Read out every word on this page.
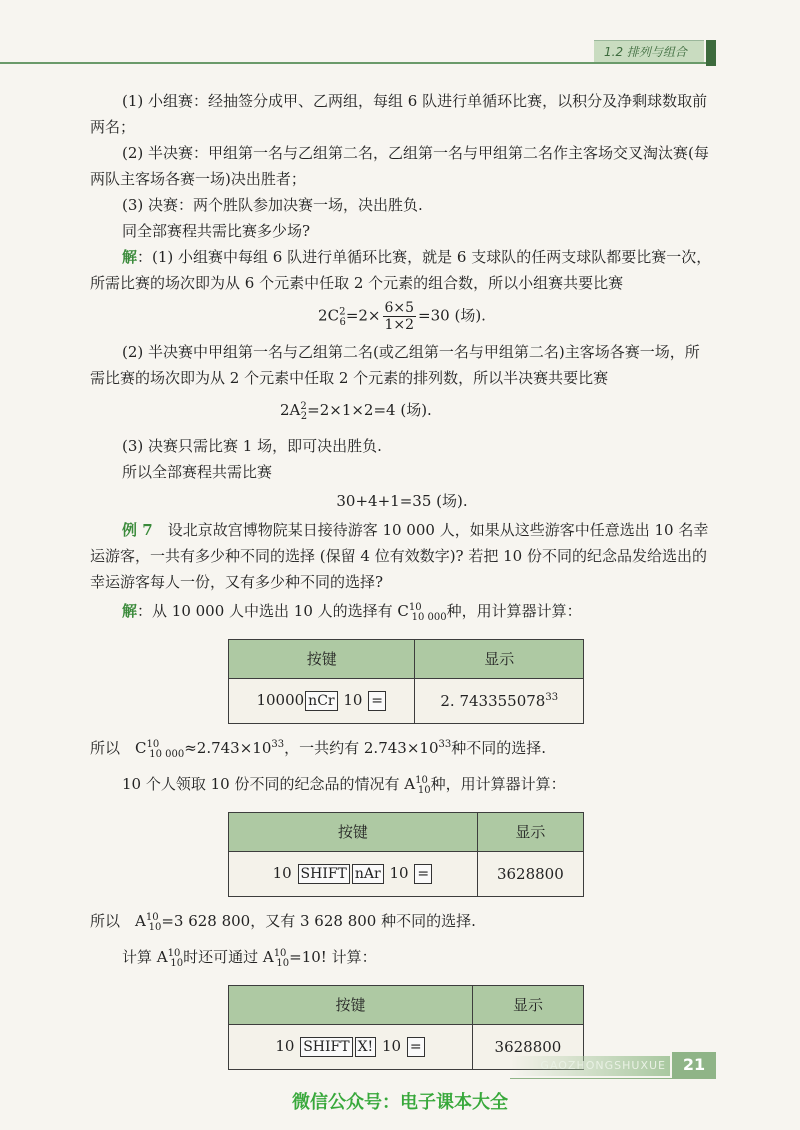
1.2 排列与组合

(1) 小组赛：经抽签分成甲、乙两组，每组 6 队进行单循环比赛，以积分及净剩球数取前两名；

(2) 半决赛：甲组第一名与乙组第二名，乙组第一名与甲组第二名作主客场交叉淘汰赛(每两队主客场各赛一场)决出胜者；

(3) 决赛：两个胜队参加决赛一场，决出胜负.

同全部赛程共需比赛多少场?

解：(1) 小组赛中每组 6 队进行单循环比赛，就是 6 支球队的任两支球队都要比赛一次，所需比赛的场次即为从 6 个元素中任取 2 个元素的组合数，所以小组赛共要比赛

$2C^2_6=2\times \frac{6\times 5}{1\times 2} =30$ (场).

(2) 半决赛中甲组第一名与乙组第二名(或乙组第一名与甲组第二名)主客场各赛一场，所需比赛的场次即为从 2 个元素中任取 2 个元素的排列数，所以半决赛共要比赛

$2A^2_2=2\times 1\times 2=4$ (场).

(3) 决赛只需比赛 1 场，即可决出胜负.

所以全部赛程共需比赛

30+4+1=35 (场).

例 7　 设北京故宫博物院某日接待游客 10 000 人，如果从这些游客中任意选出 10 名幸运游客，一共有多少种不同的选择 (保留 4 位有效数字)? 若把 10 份不同的纪念品发给选出的幸运游客每人一份，又有多少种不同的选择?

解：从 10 000 人中选出 10 人的选择有 $C^{10}_{10 000}$种，用计算器计算：

按键	显示
10000 nCr 10 =	2. 743355078$^{33}$

所以　$C^{10}_{10 000}\approx 2.743\times 10^{33}$，一共约有 $2.743\times 10^{33}$种不同的选择.

10 个人领取 10 份不同的纪念品的情况有 $A^{10}_{10}$种，用计算器计算：

按键	显示
10 SHIFT nAr 10 =	3628800

所以　$A^{10}_{10}=3$ 628 800，又有 3 628 800 种不同的选择.

计算 $A^{10}_{10}$时还可通过 $A^{10}_{10}=10$! 计算：

按键	显示
10 SHIFT X! 10 =	3628800
GAOZHONGSHUXUE	21
微信公众号：电子课本大全
